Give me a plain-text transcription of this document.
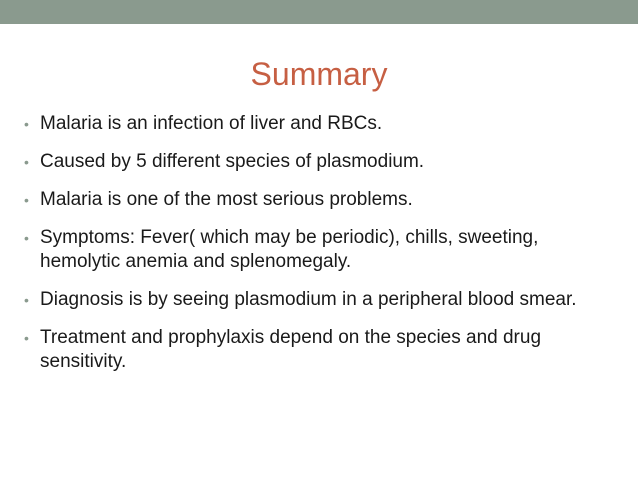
Summary
• Malaria is an infection of liver and RBCs.
• Caused by 5 different species of plasmodium.
• Malaria is one of the most serious problems.
• Symptoms: Fever( which may be periodic), chills, sweeting, hemolytic anemia and splenomegaly.
• Diagnosis is by seeing plasmodium in a peripheral blood smear.
• Treatment and prophylaxis depend on the species and drug sensitivity.
